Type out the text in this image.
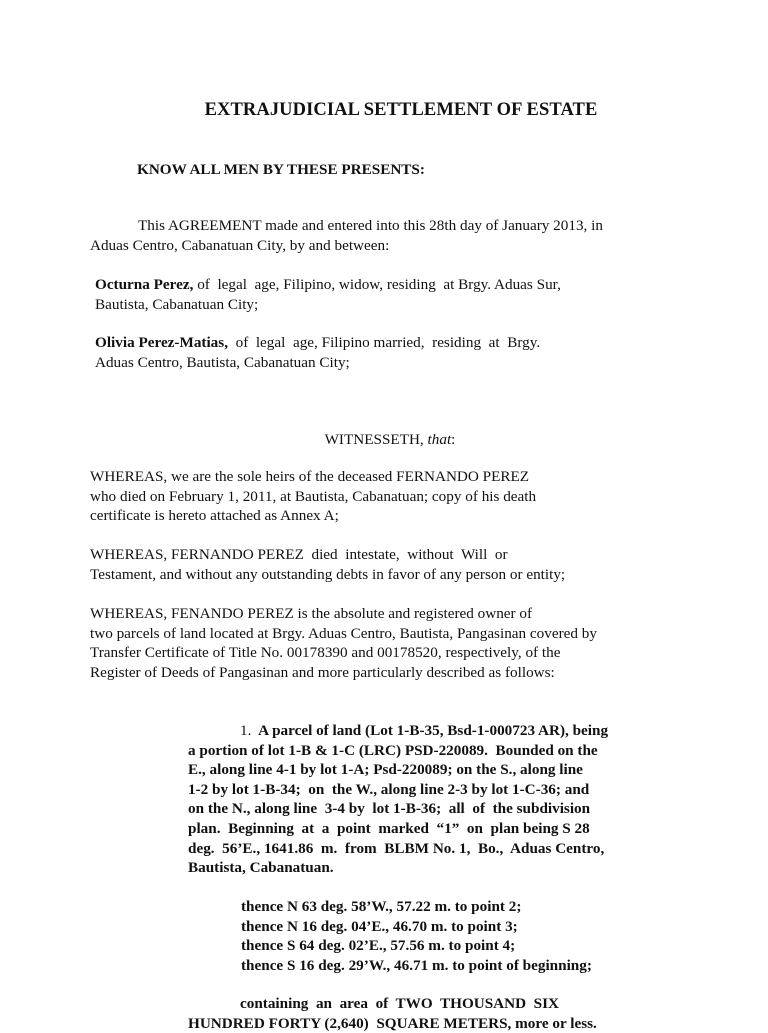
EXTRAJUDICIAL SETTLEMENT OF ESTATE
KNOW ALL MEN BY THESE PRESENTS:
This AGREEMENT made and entered into this 28th day of January 2013, in
Aduas Centro, Cabanatuan City, by and between:
Octurna Perez, of  legal  age, Filipino, widow, residing  at Brgy. Aduas Sur,
Bautista, Cabanatuan City;
Olivia Perez-Matias,  of  legal  age, Filipino married,  residing  at  Brgy.
Aduas Centro, Bautista, Cabanatuan City;
WITNESSETH, that:
WHEREAS, we are the sole heirs of the deceased FERNANDO PEREZ
who died on February 1, 2011, at Bautista, Cabanatuan; copy of his death
certificate is hereto attached as Annex A;
WHEREAS, FERNANDO PEREZ  died  intestate,  without  Will  or
Testament, and without any outstanding debts in favor of any person or entity;
WHEREAS, FENANDO PEREZ is the absolute and registered owner of
two parcels of land located at Brgy. Aduas Centro, Bautista, Pangasinan covered by
Transfer Certificate of Title No. 00178390 and 00178520, respectively, of the
Register of Deeds of Pangasinan and more particularly described as follows:
1. A parcel of land (Lot 1-B-35, Bsd-1-000723 AR), being
a portion of lot 1-B & 1-C (LRC) PSD-220089.  Bounded on the
E., along line 4-1 by lot 1-A; Psd-220089; on the S., along line
1-2 by lot 1-B-34;  on  the W., along line 2-3 by lot 1-C-36; and
on the N., along line  3-4 by  lot 1-B-36;  all  of  the subdivision
plan.  Beginning  at  a  point  marked  “1”  on  plan being S 28
deg.  56’E., 1641.86  m.  from  BLBM No. 1,  Bo.,  Aduas Centro,
Bautista, Cabanatuan.
thence N 63 deg. 58’W., 57.22 m. to point 2;
thence N 16 deg. 04’E., 46.70 m. to point 3;
thence S 64 deg. 02’E., 57.56 m. to point 4;
thence S 16 deg. 29’W., 46.71 m. to point of beginning;
containing  an  area  of  TWO  THOUSAND  SIX
HUNDRED FORTY (2,640)  SQUARE METERS, more or less.
